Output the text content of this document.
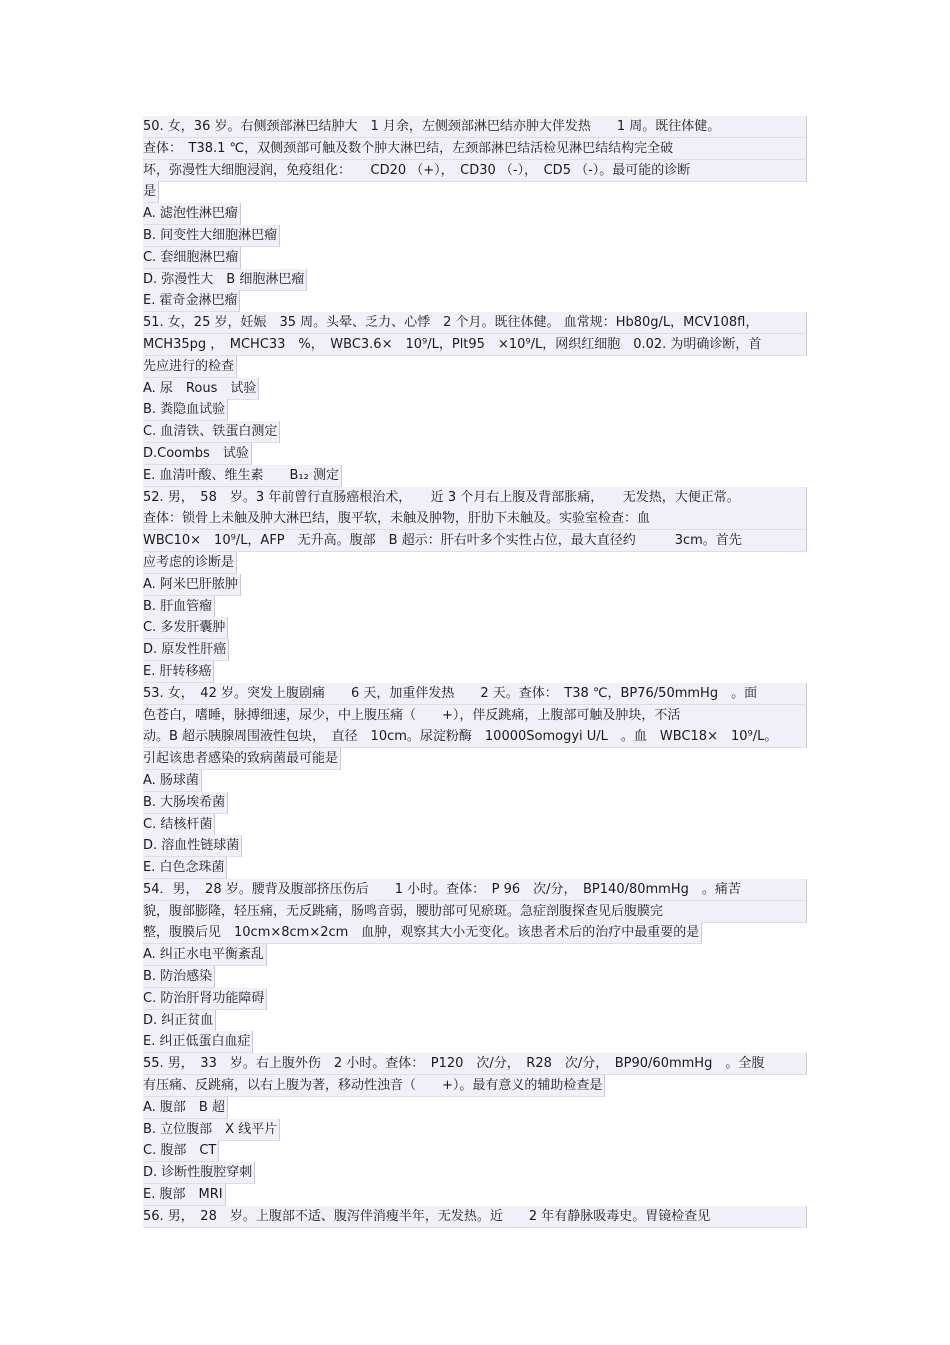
50. 女，36 岁。右侧颈部淋巴结肿大　1 月余，左侧颈部淋巴结亦肿大伴发热　　1 周。既往体健。
查体：　T38.1 ℃，双侧颈部可触及数个肿大淋巴结，左颈部淋巴结活检见淋巴结结构完全破
坏，弥漫性大细胞浸润，免疫组化：　　CD20 （+），　CD30 （-），　CD5 （-）。最可能的诊断
是
A. 滤泡性淋巴瘤
B. 间变性大细胞淋巴瘤
C. 套细胞淋巴瘤
D. 弥漫性大　B 细胞淋巴瘤
E. 霍奇金淋巴瘤
51. 女，25 岁，妊娠　35 周。头晕、乏力、心悸　2 个月。既往体健。 血常规：Hb80g/L，MCV108fl，
MCH35pg ，　MCHC33　%，　WBC3.6×　10⁹/L，Plt95　×10⁹/L，网织红细胞　0.02. 为明确诊断，首
先应进行的检查
A. 尿　Rous　试验
B. 粪隐血试验
C. 血清铁、铁蛋白测定
D.Coombs　试验
E. 血清叶酸、维生素　　B₁₂ 测定
52. 男，　58　岁。3 年前曾行直肠癌根治术，　　近 3 个月右上腹及背部胀痛，　　无发热，大便正常。
查体：锁骨上未触及肿大淋巴结，腹平软，未触及肿物，肝肋下未触及。实验室检查：血
WBC10×　10⁹/L，AFP　无升高。腹部　B 超示：肝右叶多个实性占位，最大直径约　　　3cm。首先
应考虑的诊断是
A. 阿米巴肝脓肿
B. 肝血管瘤
C. 多发肝囊肿
D. 原发性肝癌
E. 肝转移癌
53. 女，　42 岁。突发上腹剧痛　　6 天，加重伴发热　　2 天。查体：　T38 ℃，BP76/50mmHg　。面
色苍白，嗜睡，脉搏细速，尿少，中上腹压痛（　　+），伴反跳痛，上腹部可触及肿块，不活
动。B 超示胰腺周围液性包块，　直径　10cm。尿淀粉酶　10000Somogyi U/L　。血　WBC18×　10⁹/L。
引起该患者感染的致病菌最可能是
A. 肠球菌
B. 大肠埃希菌
C. 结核杆菌
D. 溶血性链球菌
E. 白色念珠菌
54．男，　28 岁。腰背及腹部挤压伤后　　1 小时。查体：　P 96　次/分，　BP140/80mmHg　。痛苦
貌，腹部膨隆，轻压痛，无反跳痛，肠鸣音弱，腰肋部可见瘀斑。急症剖腹探查见后腹膜完
整，腹膜后见　10cm×8cm×2cm　血肿，观察其大小无变化。该患者术后的治疗中最重要的是
A. 纠正水电平衡紊乱
B. 防治感染
C. 防治肝肾功能障碍
D. 纠正贫血
E. 纠正低蛋白血症
55. 男，　33　岁。右上腹外伤　2 小时。查体：　P120　次/分，　R28　次/分，　BP90/60mmHg　。全腹
有压痛、反跳痛，以右上腹为著，移动性浊音（　　+）。最有意义的辅助检查是
A. 腹部　B 超
B. 立位腹部　X 线平片
C. 腹部　CT
D. 诊断性腹腔穿刺
E. 腹部　MRI
56. 男，　28　岁。上腹部不适、腹泻伴消瘦半年，无发热。近　　2 年有静脉吸毒史。胃镜检查见
